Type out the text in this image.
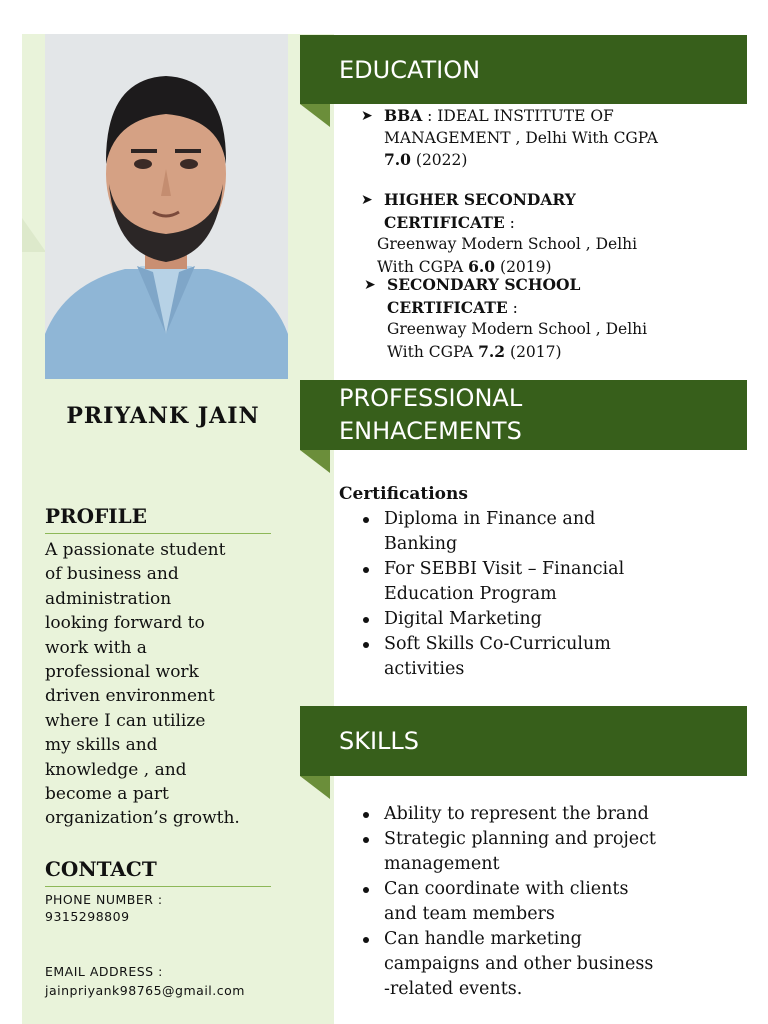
PRIYANK JAIN
PROFILE
A passionate student
of business and
administration
looking forward to
work with a
professional work
driven environment
where I can utilize
my skills and
knowledge , and
become a part
organization’s growth.
CONTACT
PHONE NUMBER :
9315298809
EMAIL ADDRESS :
jainpriyank98765@gmail.com
EDUCATION
➤ BBA : IDEAL INSTITUTE OF
MANAGEMENT , Delhi With CGPA
7.0 (2022)
➤ HIGHER SECONDARY
CERTIFICATE :
Greenway Modern School , Delhi
With CGPA 6.0 (2019)
➤ SECONDARY SCHOOL
CERTIFICATE :
Greenway Modern School , Delhi
With CGPA 7.2 (2017)
PROFESSIONAL
ENHACEMENTS
Certifications
Diploma in Finance and
Banking
For SEBBI Visit – Financial
Education Program
Digital Marketing
Soft Skills Co-Curriculum
activities
SKILLS
Ability to represent the brand
Strategic planning and project
management
Can coordinate with clients
and team members
Can handle marketing
campaigns and other business
-related events.
